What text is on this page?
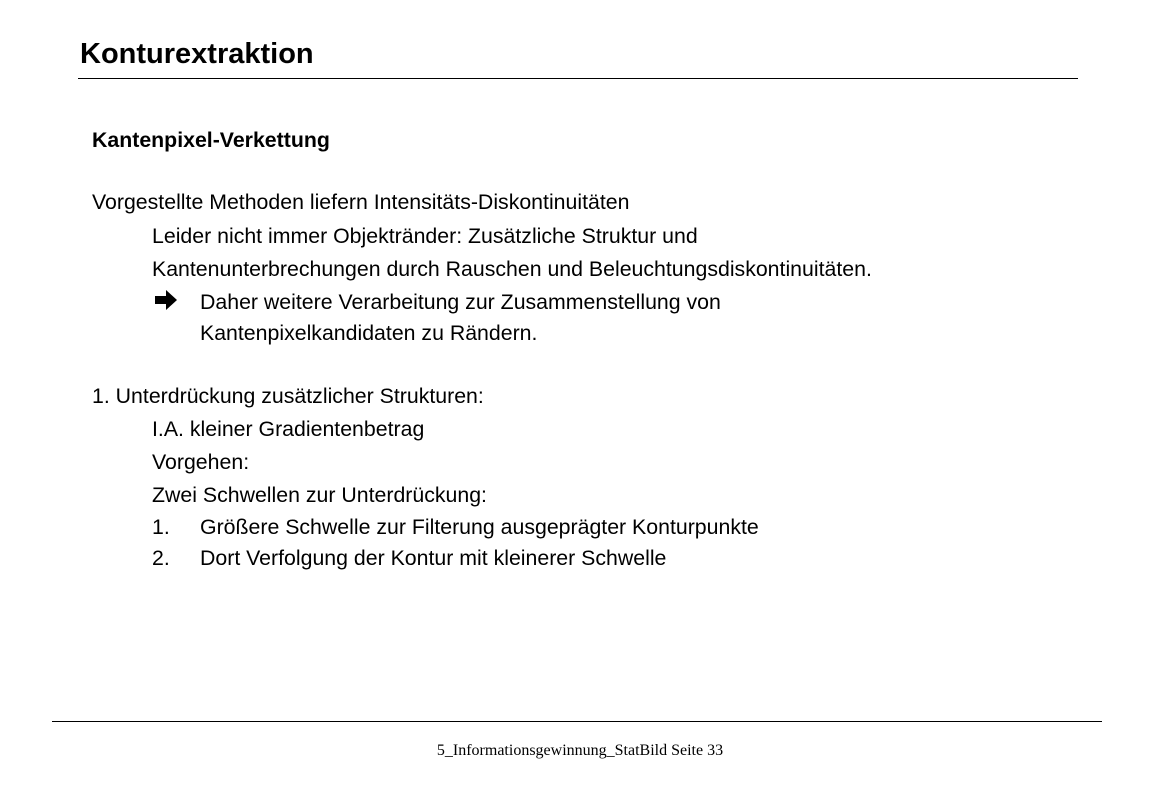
Konturextraktion
Kantenpixel-Verkettung
Vorgestellte Methoden liefern Intensitäts-Diskontinuitäten
Leider nicht immer Objektränder: Zusätzliche Struktur und
Kantenunterbrechungen durch Rauschen und Beleuchtungsdiskontinuitäten.
Daher weitere Verarbeitung zur Zusammenstellung von
Kantenpixelkandidaten zu Rändern.
1. Unterdrückung zusätzlicher Strukturen:
I.A. kleiner Gradientenbetrag
Vorgehen:
Zwei Schwellen zur Unterdrückung:
1. Größere Schwelle zur Filterung ausgeprägter Konturpunkte
2. Dort Verfolgung der Kontur mit kleinerer Schwelle
5_Informationsgewinnung_StatBild Seite 33
